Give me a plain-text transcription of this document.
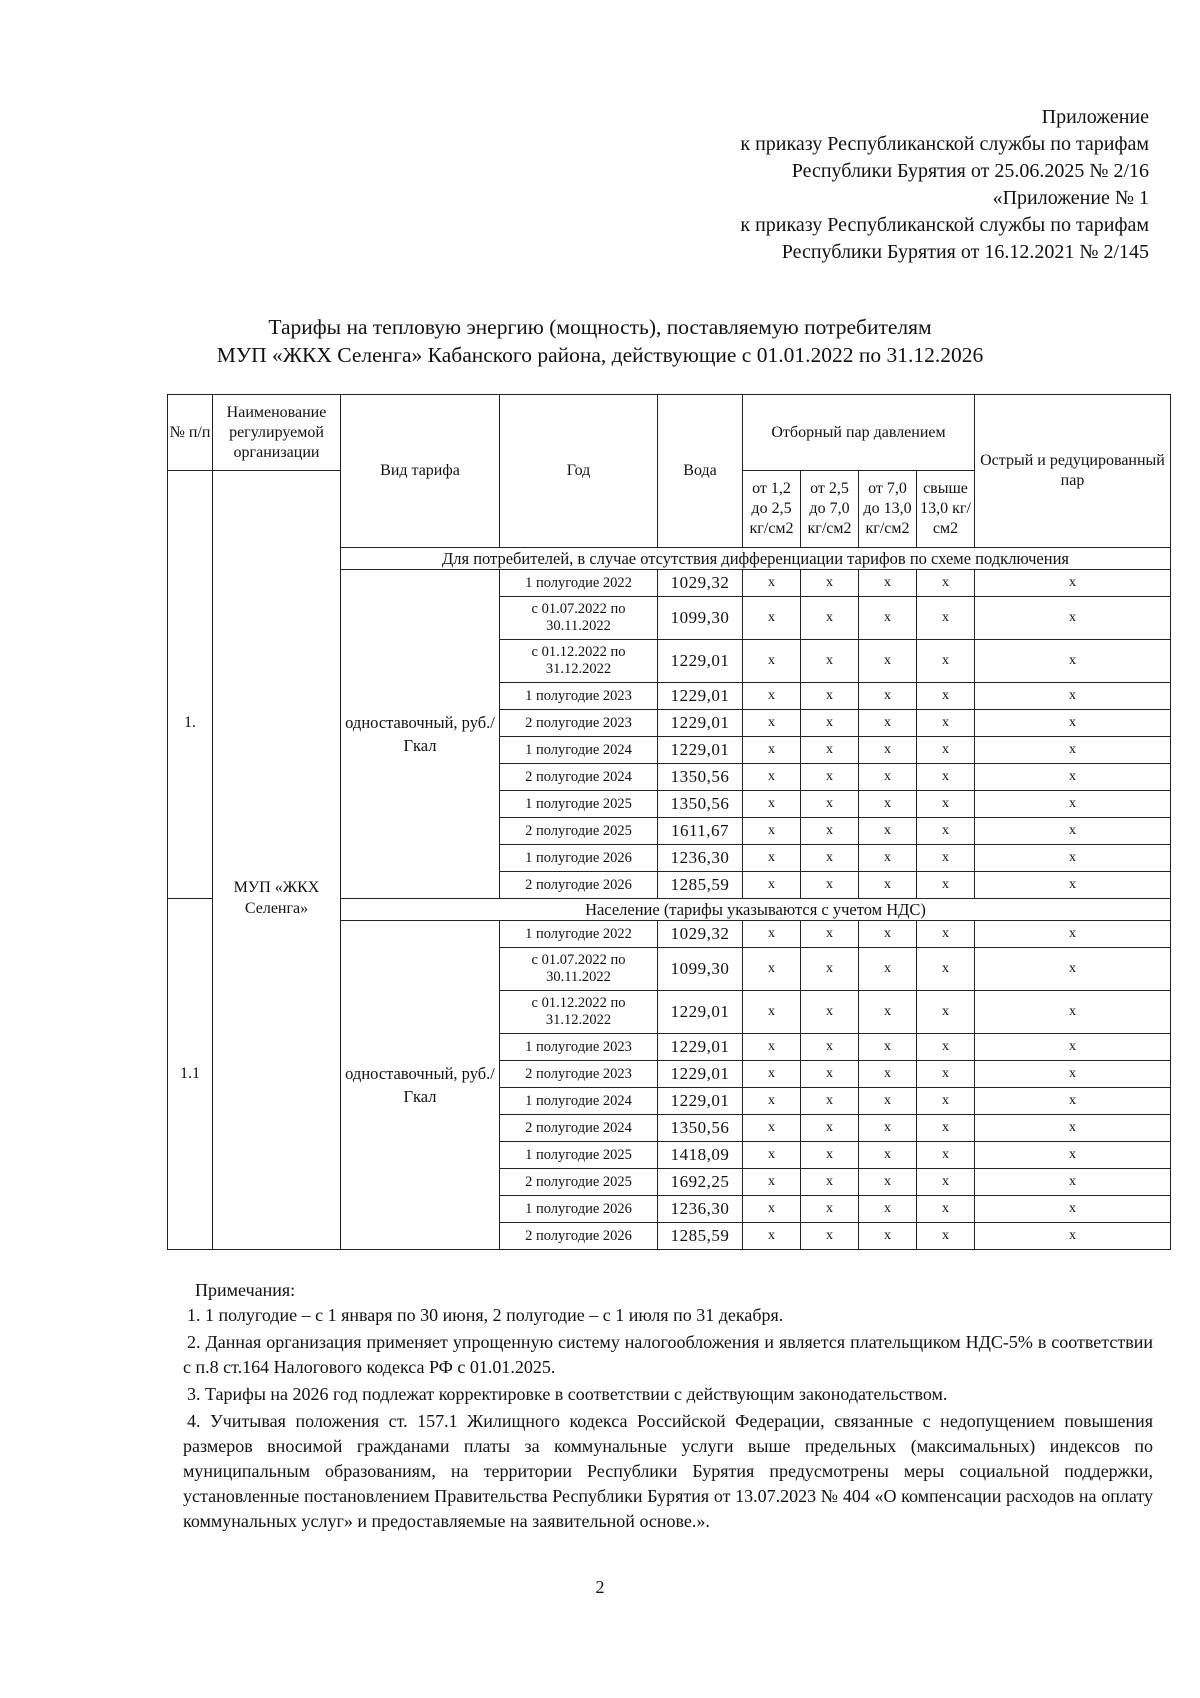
Приложение
к приказу Республиканской службы по тарифам
Республики Бурятия от 25.06.2025 № 2/16
«Приложение № 1
к приказу Республиканской службы по тарифам
Республики Бурятия от 16.12.2021 № 2/145
Тарифы на тепловую энергию (мощность), поставляемую потребителям
МУП «ЖКХ Селенга» Кабанского района, действующие с 01.01.2022 по 31.12.2026
№ п/п	Наименование регулируемой организации	Вид тарифа	Год	Вода	Отборный пар давлением				Острый и редуцированный пар
					от 1,2 до 2,5 кг/см2	от 2,5 до 7,0 кг/см2	от 7,0 до 13,0 кг/см2	свыше 13,0 кг/см2	
1.	МУП «ЖКХ Селенга»	Для потребителей, в случае отсутствия дифференциации тарифов по схеме подключения							
		одноставочный, руб./Гкал	1 полугодие 2022	1029,32	x	x	x	x	x
			с 01.07.2022 по 30.11.2022	1099,30	x	x	x	x	x
			с 01.12.2022 по 31.12.2022	1229,01	x	x	x	x	x
			1 полугодие 2023	1229,01	x	x	x	x	x
			2 полугодие 2023	1229,01	x	x	x	x	x
			1 полугодие 2024	1229,01	x	x	x	x	x
			2 полугодие 2024	1350,56	x	x	x	x	x
			1 полугодие 2025	1350,56	x	x	x	x	x
			2 полугодие 2025	1611,67	x	x	x	x	x
			1 полугодие 2026	1236,30	x	x	x	x	x
			2 полугодие 2026	1285,59	x	x	x	x	x
1.1		Население (тарифы указываются с учетом НДС)							
		одноставочный, руб./Гкал	1 полугодие 2022	1029,32	x	x	x	x	x
			с 01.07.2022 по 30.11.2022	1099,30	x	x	x	x	x
			с 01.12.2022 по 31.12.2022	1229,01	x	x	x	x	x
			1 полугодие 2023	1229,01	x	x	x	x	x
			2 полугодие 2023	1229,01	x	x	x	x	x
			1 полугодие 2024	1229,01	x	x	x	x	x
			2 полугодие 2024	1350,56	x	x	x	x	x
			1 полугодие 2025	1418,09	x	x	x	x	x
			2 полугодие 2025	1692,25	x	x	x	x	x
			1 полугодие 2026	1236,30	x	x	x	x	x
			2 полугодие 2026	1285,59	x	x	x	x	x

Примечания:

1. 1 полугодие – с 1 января по 30 июня, 2 полугодие – с 1 июля по 31 декабря.

2. Данная организация применяет упрощенную систему налогообложения и является плательщиком НДС-5% в соответствии с п.8 ст.164 Налогового кодекса РФ с 01.01.2025.

3. Тарифы на 2026 год подлежат корректировке в соответствии с действующим законодательством.

4. Учитывая положения ст. 157.1 Жилищного кодекса Российской Федерации, связанные с недопущением повышения размеров вносимой гражданами платы за коммунальные услуги выше предельных (максимальных) индексов по муниципальным образованиям, на территории Республики Бурятия предусмотрены меры социальной поддержки, установленные постановлением Правительства Республики Бурятия от 13.07.2023 № 404 «О компенсации расходов на оплату коммунальных услуг» и предоставляемые на заявительной основе.».

2
